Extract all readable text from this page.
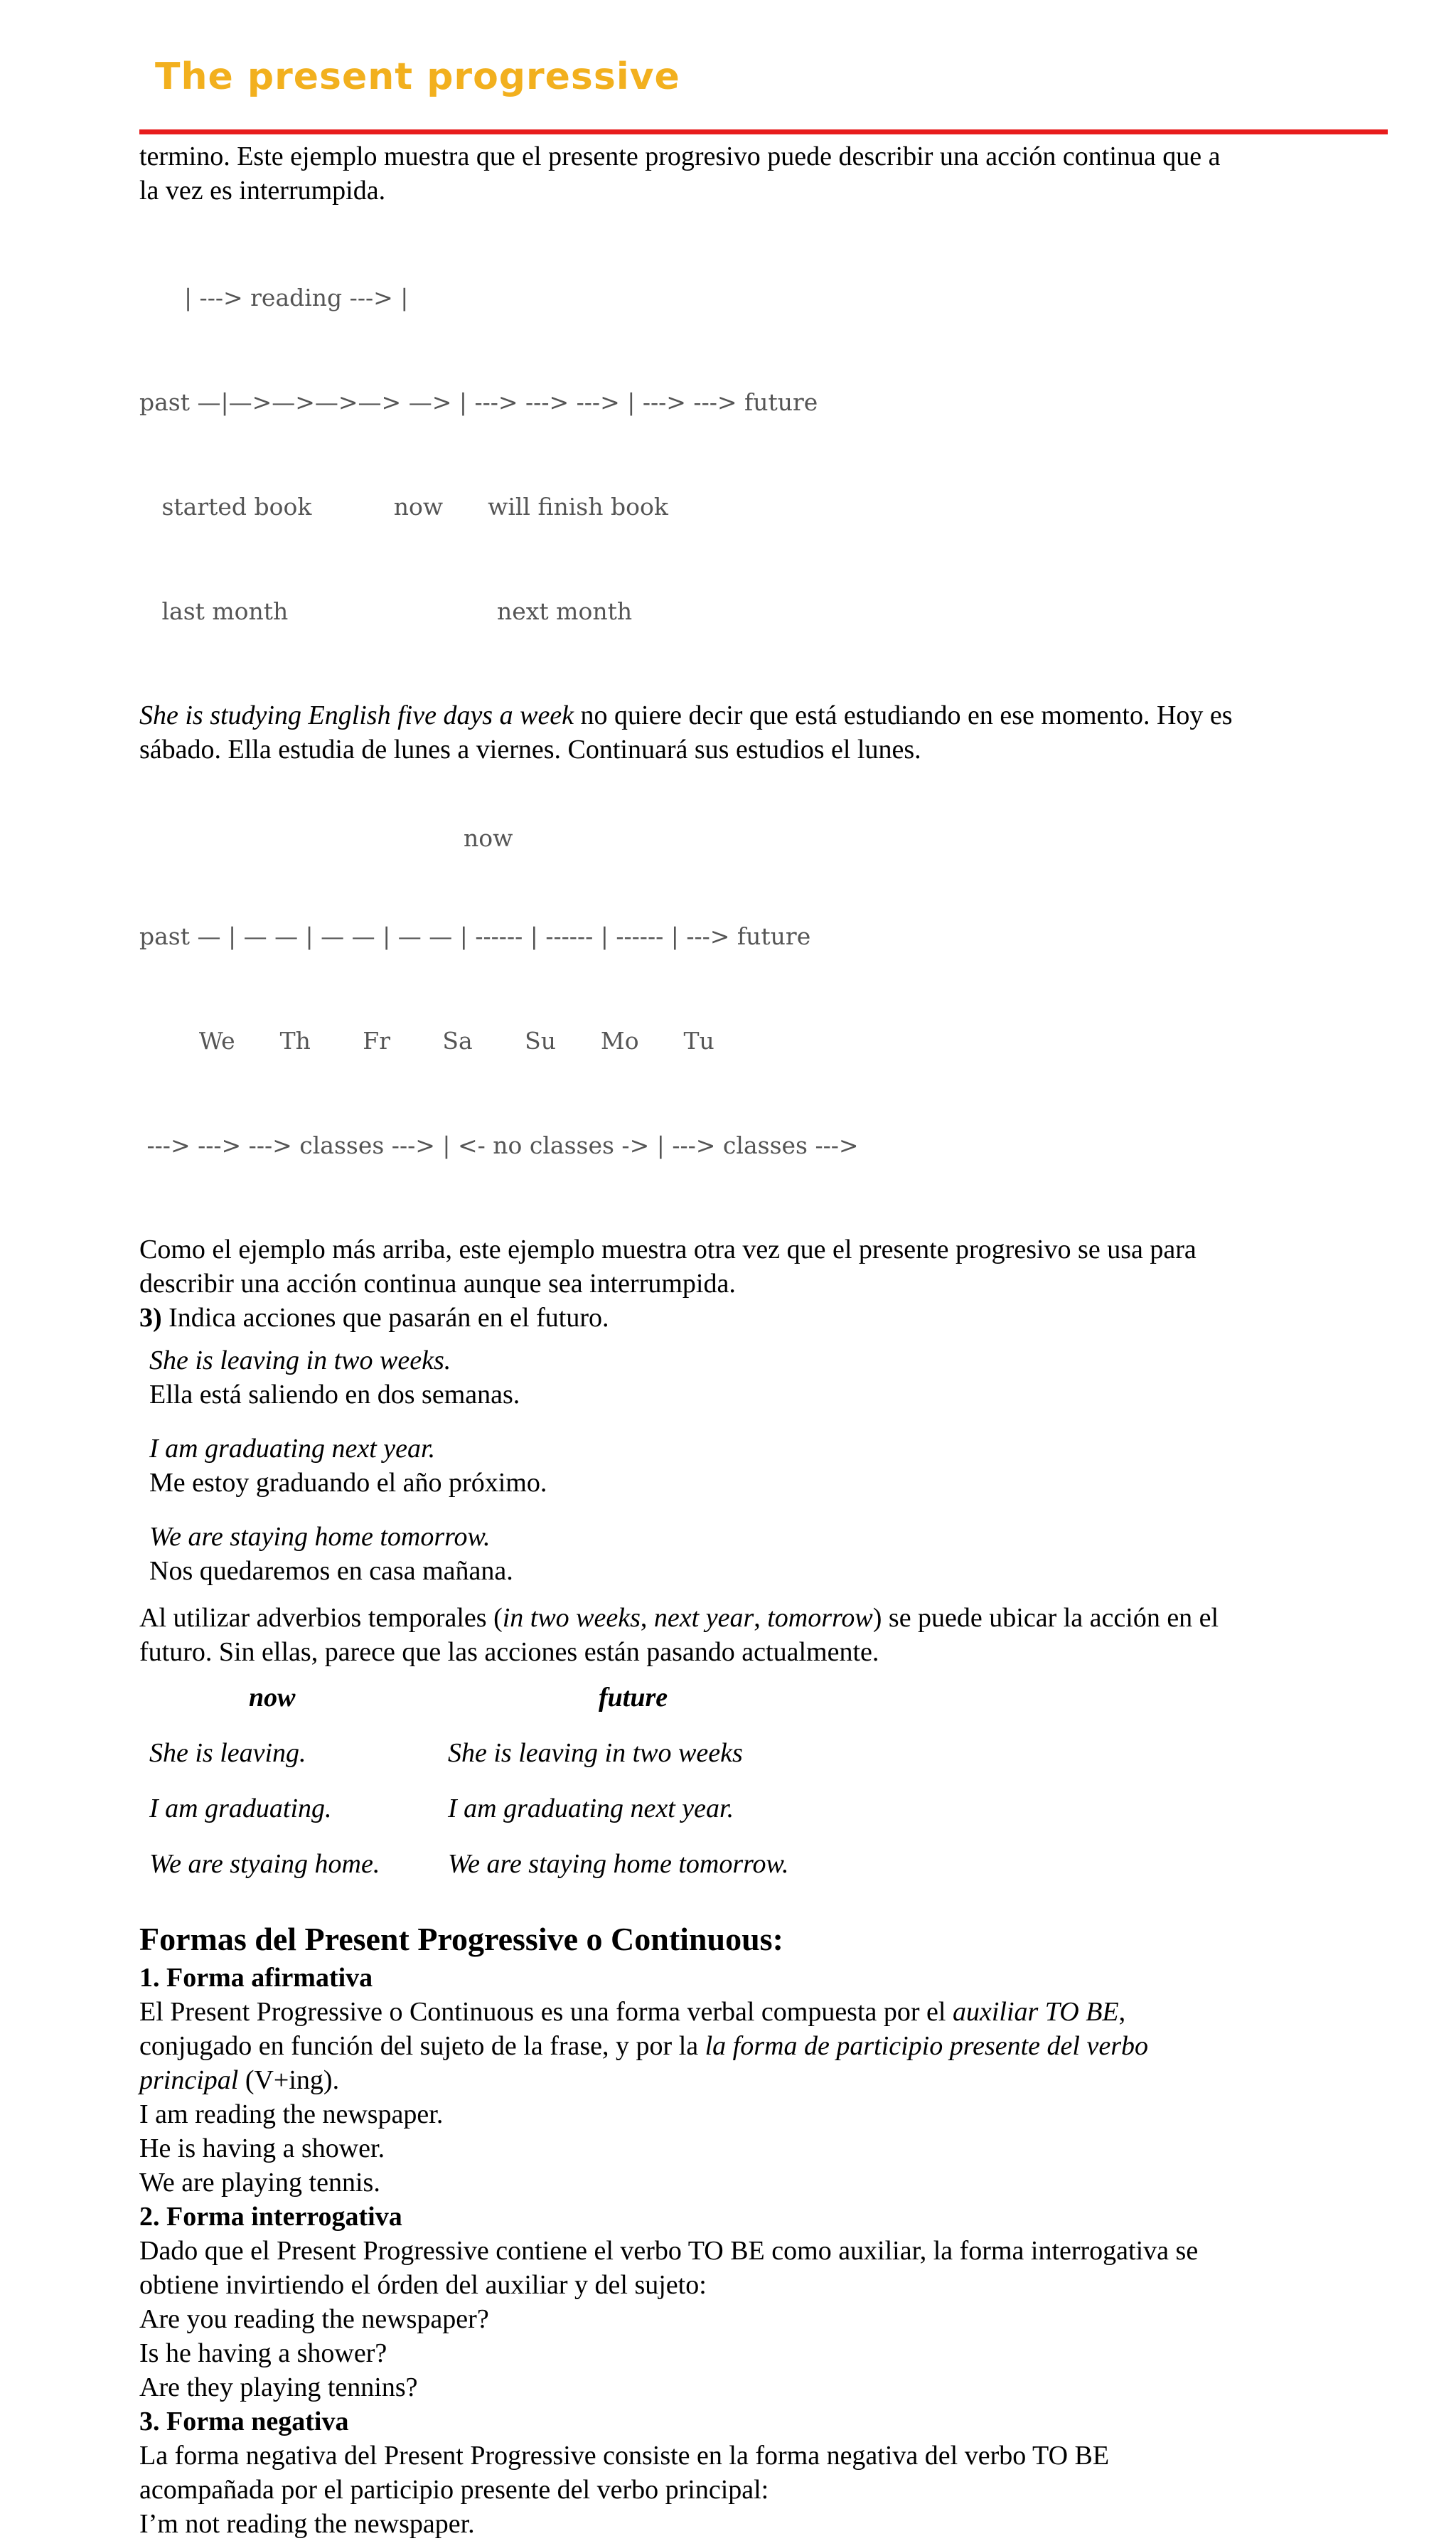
The present progressive

termino. Este ejemplo muestra que el presente progresivo puede describir una acción continua que a

la vez es interrumpida.

| ---> reading ---> |

past —|—>—>—>—> —> | ---> ---> ---> | ---> ---> future

started book           now      will finish book

last month                            next month

She is studying English five days a week no quiere decir que está estudiando en ese momento. Hoy es

sábado. Ella estudia de lunes a viernes. Continuará sus estudios el lunes.

now

past — | — — | — — | — — | ------ | ------ | ------ | ---> future

We      Th       Fr       Sa       Su      Mo      Tu

---> ---> ---> classes ---> | <- no classes -> | ---> classes --->

Como el ejemplo más arriba, este ejemplo muestra otra vez que el presente progresivo se usa para

describir una acción continua aunque sea interrumpida.

3) Indica acciones que pasarán en el futuro.

She is leaving in two weeks.
Ella está saliendo en dos semanas.
I am graduating next year.
Me estoy graduando el año próximo.
We are staying home tomorrow.
Nos quedaremos en casa mañana.

Al utilizar adverbios temporales (in two weeks, next year, tomorrow) se puede ubicar la acción en el

futuro. Sin ellas, parece que las acciones están pasando actualmente.

now	future
She is leaving.	She is leaving in two weeks
I am graduating.	I am graduating next year.
We are styaing home.	We are staying home tomorrow.
Formas del Present Progressive o Continuous:

1. Forma afirmativa

El Present Progressive o Continuous es una forma verbal compuesta por el auxiliar TO BE,

conjugado en función del sujeto de la frase, y por la la forma de participio presente del verbo

principal (V+ing).

I am reading the newspaper.

He is having a shower.

We are playing tennis.

2. Forma interrogativa

Dado que el Present Progressive contiene el verbo TO BE como auxiliar, la forma interrogativa se

obtiene invirtiendo el órden del auxiliar y del sujeto:

Are you reading the newspaper?

Is he having a shower?

Are they playing tennins?

3. Forma negativa

La forma negativa del Present Progressive consiste en la forma negativa del verbo TO BE

acompañada por el participio presente del verbo principal:

I’m not reading the newspaper.
